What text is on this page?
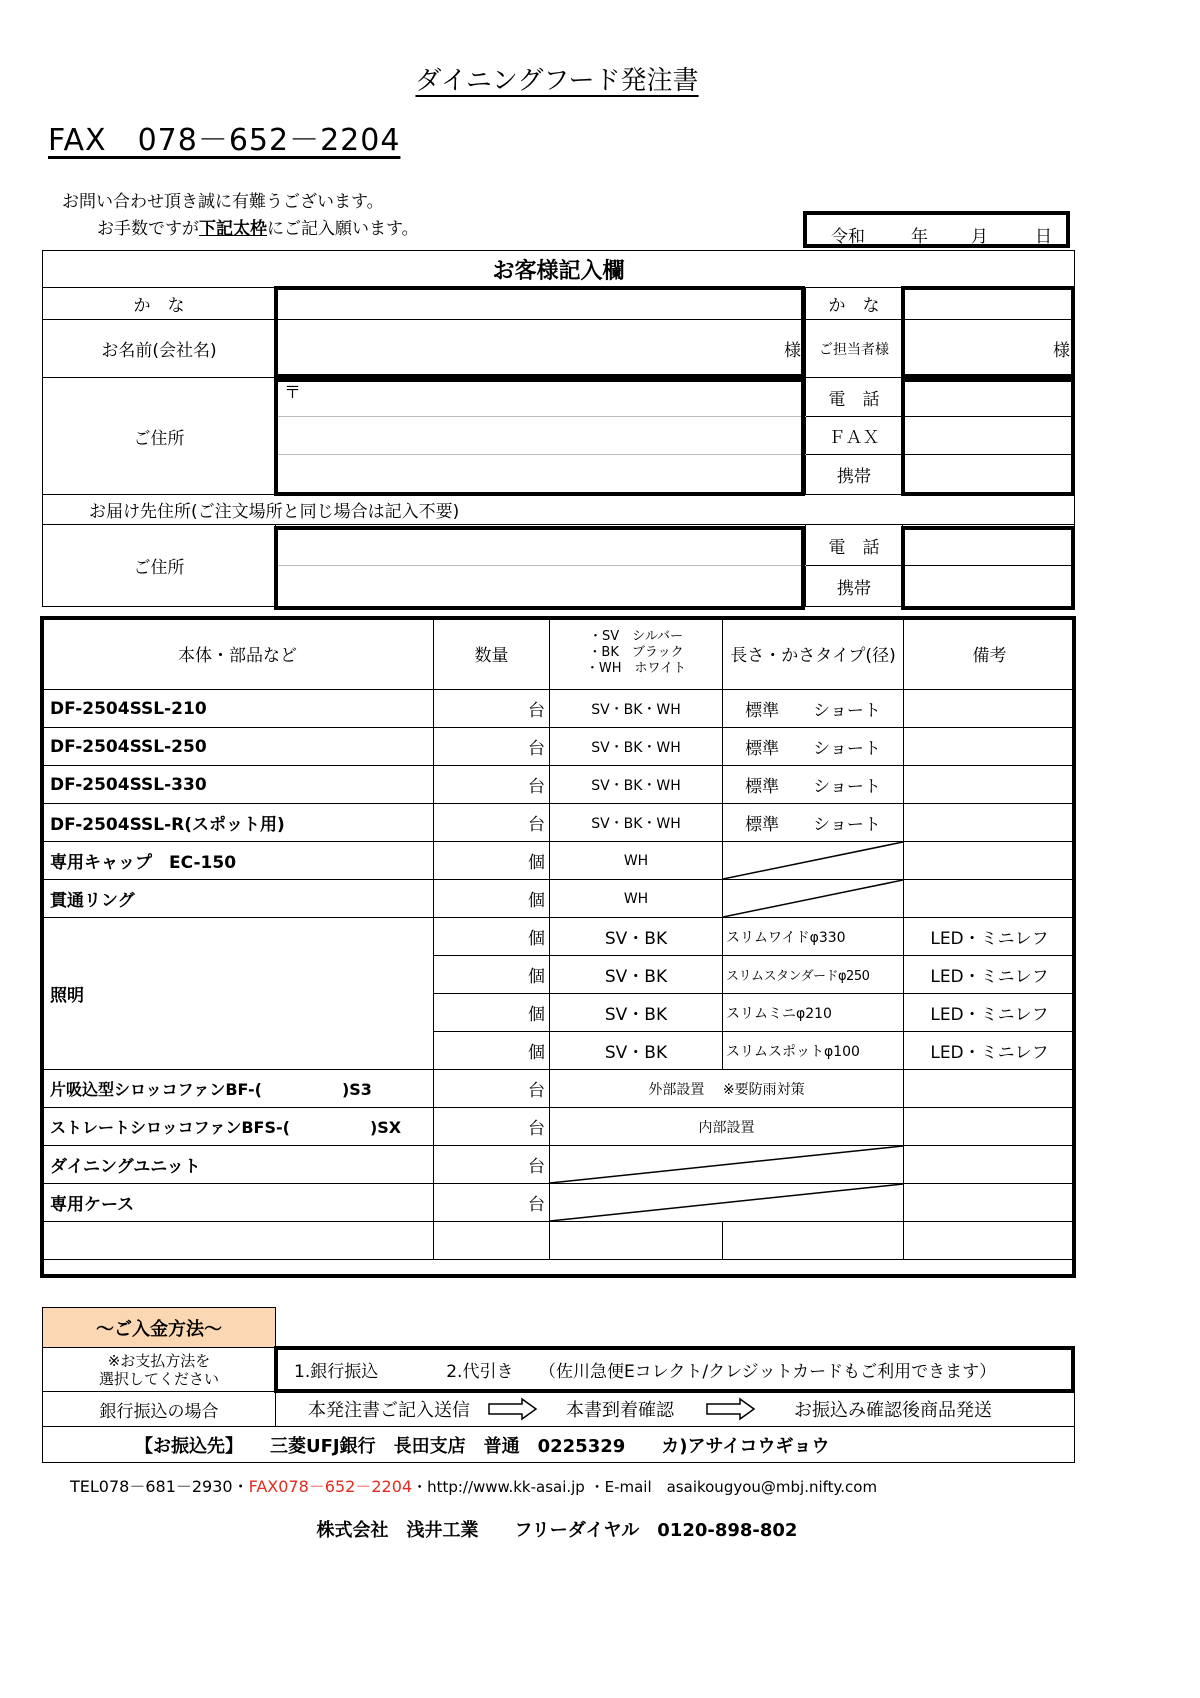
ダイニングフード発注書
FAX　078－652－2204
お問い合わせ頂き誠に有難うございます。
お手数ですが下記太枠にご記入願います。	令和	年	月	日
お客様記入欄			
か　な		か　な	
お名前(会社名)	様	ご担当者様	様
ご住所	〒	電　話	
		ＦＡＸ	
		携帯	
お届け先住所(ご注文場所と同じ場合は記入不要)			
ご住所		電　話	
		携帯	
本体・部品など	数量	・SV　シルバー
・BK　ブラック
・WH　ホワイト	長さ・かさタイプ(径)	備考
DF-2504SSL-210	台	SV・BK・WH	標準　　 ショート	
DF-2504SSL-250	台	SV・BK・WH	標準　　 ショート	
DF-2504SSL-330	台	SV・BK・WH	標準　　 ショート	
DF-2504SSL-R(スポット用)	台	SV・BK・WH	標準　　 ショート	
専用キャップ　EC-150	個	WH	

貫通リング	個	WH	

照明	個	SV・BK	スリムワイドφ330	LED・ミニレフ
	個	SV・BK	スリムスタンダードφ250	LED・ミニレフ
	個	SV・BK	スリムミニφ210	LED・ミニレフ
	個	SV・BK	スリムスポットφ100	LED・ミニレフ
片吸込型シロッコファンBF-(　　　　　)S3	台	外部設置　 ※要防雨対策		
ストレートシロッコファンBFS-(　　　　　)SX	台	内部設置		
ダイニングユニット	台	

専用ケース	台	

～ご入金方法～	
※お支払方法を
選択してください	1.銀行振込　　　　2.代引き　　（佐川急便Eコレクト/クレジットカードもご利用できます）
銀行振込の場合	本発注書ご記入送信 本書到着確認 お振込み確認後商品発送

【お振込先】　　三菱UFJ銀行　長田支店　普通　0225329　　カ)アサイコウギョウ	
TEL078－681－2930・FAX078－652－2204・http://www.kk-asai.jp ・E-mail　asaikougyou@mbj.nifty.com
株式会社　浅井工業　　フリーダイヤル　0120-898-802
